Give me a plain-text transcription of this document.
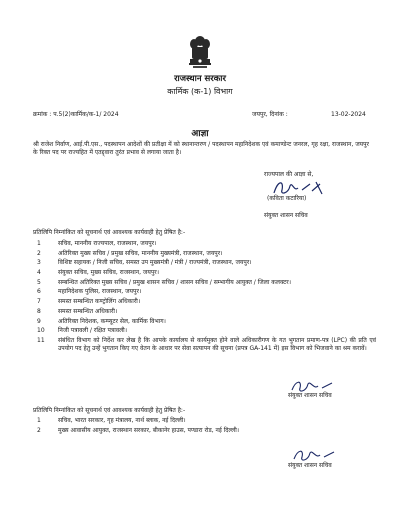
राजस्थान सरकार
कार्मिक (क-1) विभाग
क्रमांक : प.5(2)कार्मिक/क-1/ 2024	जयपुर, दिनांक :	13-02-2024
आज्ञा
श्री राजेश निर्वाण, आई.पी.एस., पदस्थापन आदेशों की प्रतीक्षा में को स्थानान्तरण / पदस्थापन महानिदेशक एवं कमाण्डेन्ट जनरल, गृह रक्षा, राजस्थान, जयपुर के रिक्त पद पर राज्यहित में एतद्द्वारा तुरंत प्रभाव से लगाया जाता है।
राज्यपाल की आज्ञा से,
(कविता कटारिया)
संयुक्त शासन सचिव
प्रतिलिपि निम्नांकित को सूचनार्थ एवं आवश्यक कार्यवाही हेतु प्रेषित है:-
1	सचिव, माननीय राज्यपाल, राजस्थान, जयपुर।
2	अतिरिक्त मुख्य सचिव / प्रमुख सचिव, माननीय मुख्यमंत्री, राजस्थान, जयपुर।
3	विशिष्ट सहायक / निजी सचिव, समस्त उप मुख्यमंत्री / मंत्री / राज्यमंत्री, राजस्थान, जयपुर।
4	संयुक्त सचिव, मुख्य सचिव, राजस्थान, जयपुर।
5	सम्बन्धित अतिरिक्त मुख्य सचिव / प्रमुख शासन सचिव / शासन सचिव / सम्भागीय आयुक्त / जिला कलक्टर।
6	महानिदेशक पुलिस, राजस्थान, जयपुर।
7	समस्त सम्बन्धित कण्ट्रोलिंग अधिकारी।
8	समस्त सम्बन्धित अधिकारी।
9	अतिरिक्त निदेशक, कम्प्यूटर सेल, कार्मिक विभाग।
10 निजी पत्रावली / रक्षित पत्रावली।
11 संबंधित विभाग को निर्देश कर लेख है कि आपके कार्यालय से कार्यमुक्त होने वाले अधिकारीगण के गत भुगतान प्रमाण-पत्र (LPC) की प्रति एवं उपयोग पद हेतु उन्हें भुगतान किए गए वेतन के आधार पर सेवा सत्यापन की सूचना (प्रपत्र GA-141 में) इस विभाग को भिजवाने का श्रम करावें।
संयुक्त शासन सचिव
प्रतिलिपि निम्नांकित को सूचनार्थ एवं आवश्यक कार्यवाही हेतु प्रेषित है:-
1	सचिव, भारत सरकार, गृह मंत्रालय, नार्थ ब्लाक, नई दिल्ली।
2	मुख्य आवासीय आयुक्त, राजस्थान सरकार, बीकानेर हाउस, पण्डारा रोड, नई दिल्ली।
संयुक्त शासन सचिव
